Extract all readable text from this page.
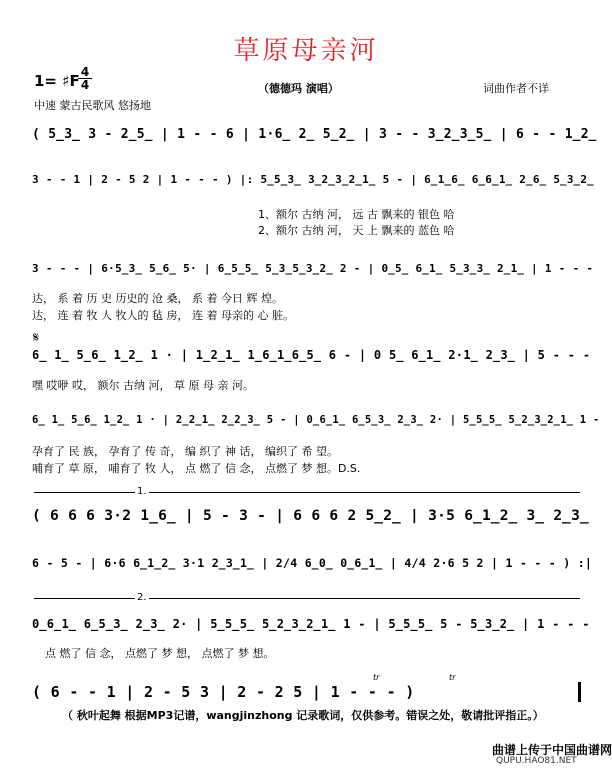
草原母亲河
1= ♯F 4
4	（德德玛 演唱）	词曲作者不详
中速 蒙古民歌风 悠扬地
( 5̲3̲ 3 - 2̲5̲ | 1 - - 6 | 1·6̲ 2̲ 5̲2̲ | 3 - - 3̲2̲3̲5̲ | 6 - - 1̲2̲
3 - - 1 | 2 - 5 2 | 1 - - - ) |: 5̲5̲3̲ 3̲2̲3̲2̲1̲ 5 - | 6̲1̲6̲ 6̲6̲1̲ 2̲6̲ 5̲3̲2̲
1、额尔 古纳 河， 远 古 飘来的 银色 哈
2、额尔 古纳 河， 天 上 飘来的 蓝色 哈
3 - - - | 6·5̲3̲ 5̲6̲ 5· | 6̲5̲5̲ 5̲3̲5̲3̲2̲ 2 - | 0̲5̲ 6̲1̲ 5̲3̲3̲ 2̲1̲ | 1 - - -
达， 系 着 历 史 历史的 沧 桑， 系 着 今日 辉 煌。
达， 连 着 牧 人 牧人的 毡 房， 连 着 母亲的 心 脏。
𝄋
6̲ 1̲ 5̲6̲ 1̲2̲ 1 · | 1̲2̲1̲ 1̲6̲1̲6̲5̲ 6 - | 0 5̲ 6̲1̲ 2·1̲ 2̲3̲ | 5 - - -
嘿 哎咿 哎， 额尔 古纳 河， 草 原 母 亲 河。
6̲ 1̲ 5̲6̲ 1̲2̲ 1 · | 2̲2̲1̲ 2̲2̲3̲ 5 - | 0̲6̲1̲ 6̲5̲3̲ 2̲3̲ 2· | 5̲5̲5̲ 5̲2̲3̲2̲1̲ 1 -
孕育了 民 族， 孕育了 传 奇， 编 织了 神 话， 编织了 希 望。
哺育了 草 原， 哺育了 牧 人， 点 燃了 信 念， 点燃了 梦 想。D.S.
1.
( 6 6 6 3·2 1̲6̲ | 5 - 3 - | 6 6 6 2 5̲2̲ | 3·5 6̲1̲2̲ 3̲ 2̲3̲
6 - 5 - | 6·6 6̲1̲2̲ 3·1 2̲3̲1̲ | 2/4 6̲0̲ 0̲6̲1̲ | 4/4 2·6 5 2 | 1 - - - ) :|
2.
0̲6̲1̲ 6̲5̲3̲ 2̲3̲ 2· | 5̲5̲5̲ 5̲2̲3̲2̲1̲ 1 - | 5̲5̲5̲ 5 - 5̲3̲2̲ | 1 - - -
点 燃了 信 念， 点燃了 梦 想， 点燃了 梦 想。
tr	tr
( 6 - - 1 | 2 - 5 3 | 2 - 2 5 | 1 - - - )
（ 秋叶起舞 根据MP3记谱，wangjinzhong 记录歌词，仅供参考。错误之处，敬请批评指正。）
曲谱上传于中国曲谱网
QUPU.HAO81.NET
